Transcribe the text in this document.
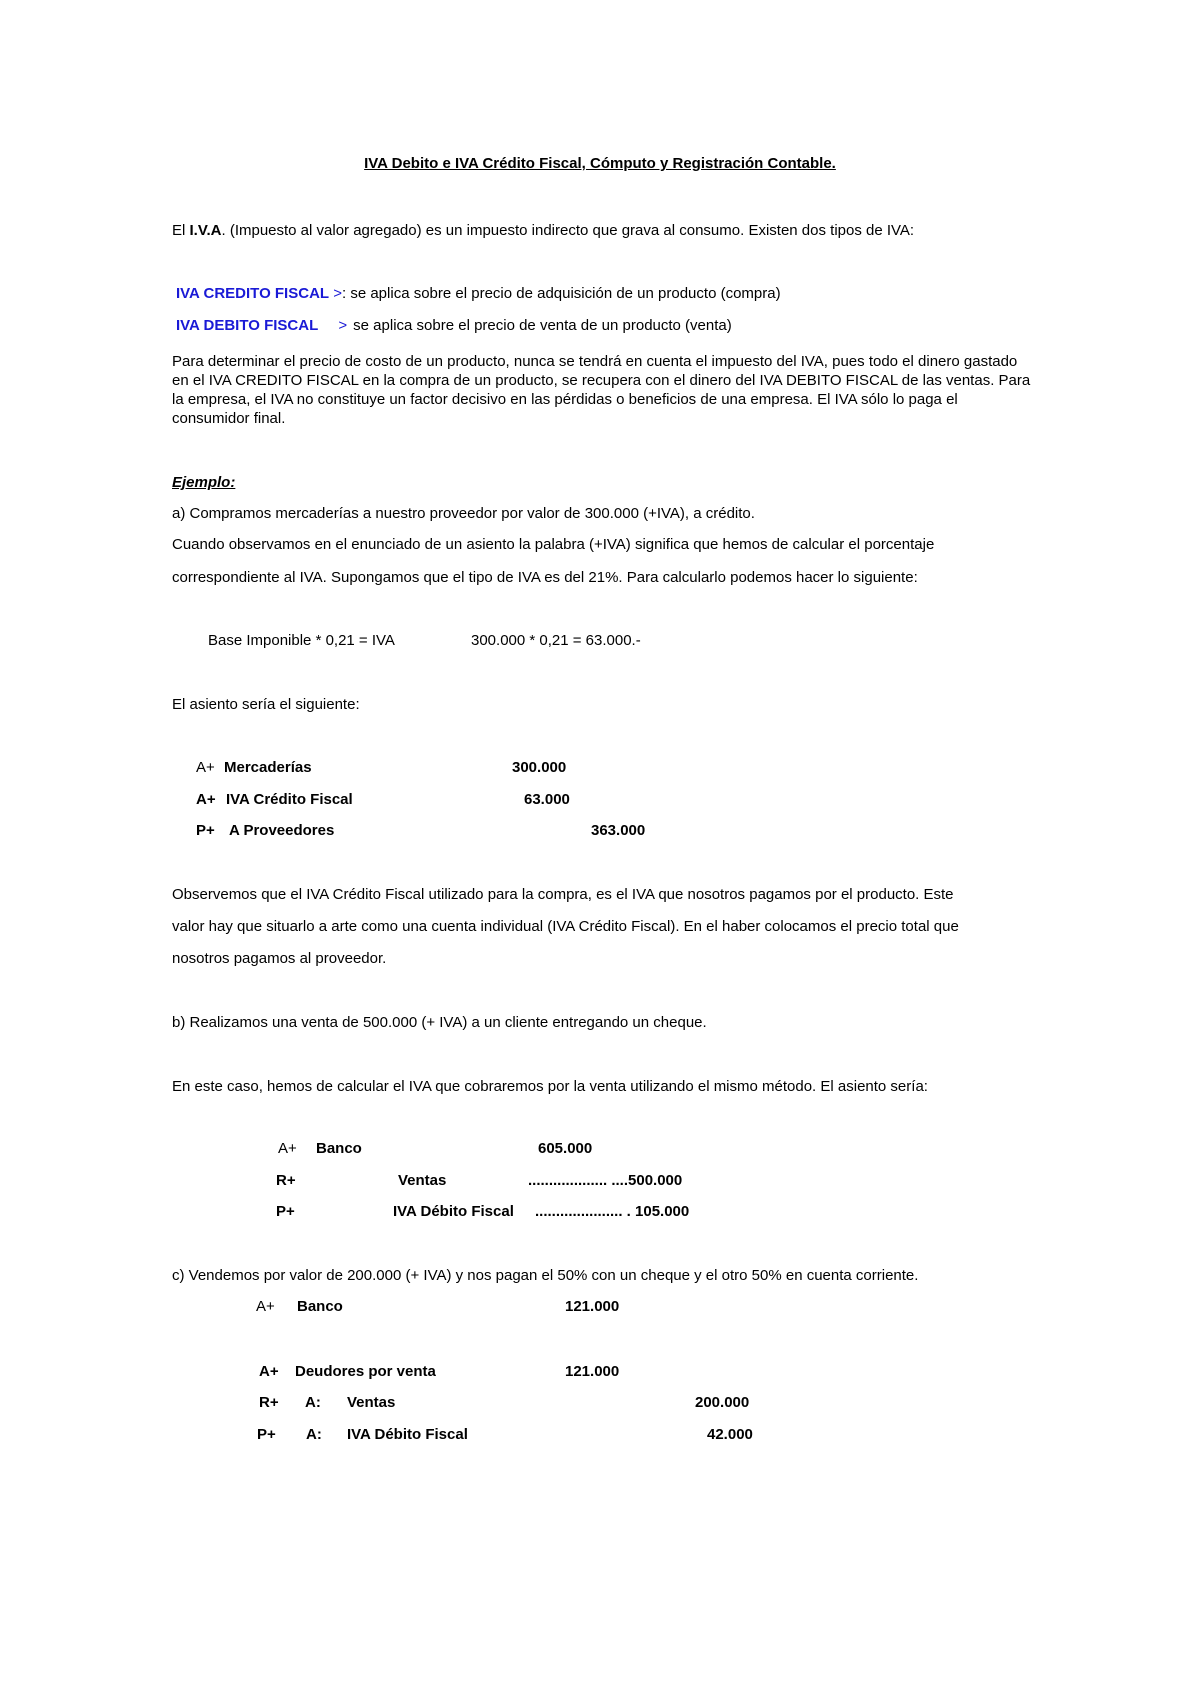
IVA Debito e IVA Crédito Fiscal, Cómputo y Registración Contable.
El I.V.A. (Impuesto al valor agregado) es un impuesto indirecto que grava al consumo. Existen dos tipos de IVA:
IVA CREDITO FISCAL >: se aplica sobre el precio de adquisición de un producto (compra)
IVA DEBITO FISCAL > se aplica sobre el precio de venta de un producto (venta)
Para determinar el precio de costo de un producto, nunca se tendrá en cuenta el impuesto del IVA, pues todo el dinero gastado en el IVA CREDITO FISCAL en la compra de un producto, se recupera con el dinero del IVA DEBITO FISCAL de las ventas. Para la empresa, el IVA no constituye un factor decisivo en las pérdidas o beneficios de una empresa. El IVA sólo lo paga el consumidor final.
Ejemplo:
a) Compramos mercaderías a nuestro proveedor por valor de 300.000 (+IVA), a crédito.
Cuando observamos en el enunciado de un asiento la palabra (+IVA) significa que hemos de calcular el porcentaje
correspondiente al IVA. Supongamos que el tipo de IVA es del 21%. Para calcularlo podemos hacer lo siguiente:
Base Imponible * 0,21 = IVA	300.000 * 0,21 = 63.000.-
El asiento sería el siguiente:
A+ Mercaderías	300.000
A+ IVA Crédito Fiscal	63.000
P+ A Proveedores	363.000
Observemos que el IVA Crédito Fiscal utilizado para la compra, es el IVA que nosotros pagamos por el producto. Este
valor hay que situarlo a arte como una cuenta individual (IVA Crédito Fiscal). En el haber colocamos el precio total que
nosotros pagamos al proveedor.
b) Realizamos una venta de 500.000 (+ IVA) a un cliente entregando un cheque.
En este caso, hemos de calcular el IVA que cobraremos por la venta utilizando el mismo método. El asiento sería:
A+ Banco	605.000
R+	Ventas	................... ....500.000
P+	IVA Débito Fiscal ..................... . 105.000
c) Vendemos por valor de 200.000 (+ IVA) y nos pagan el 50% con un cheque y el otro 50% en cuenta corriente.
A+ Banco	121.000
A+ Deudores por venta	121.000
R+ A: Ventas	200.000
P+ A: IVA Débito Fiscal	42.000
